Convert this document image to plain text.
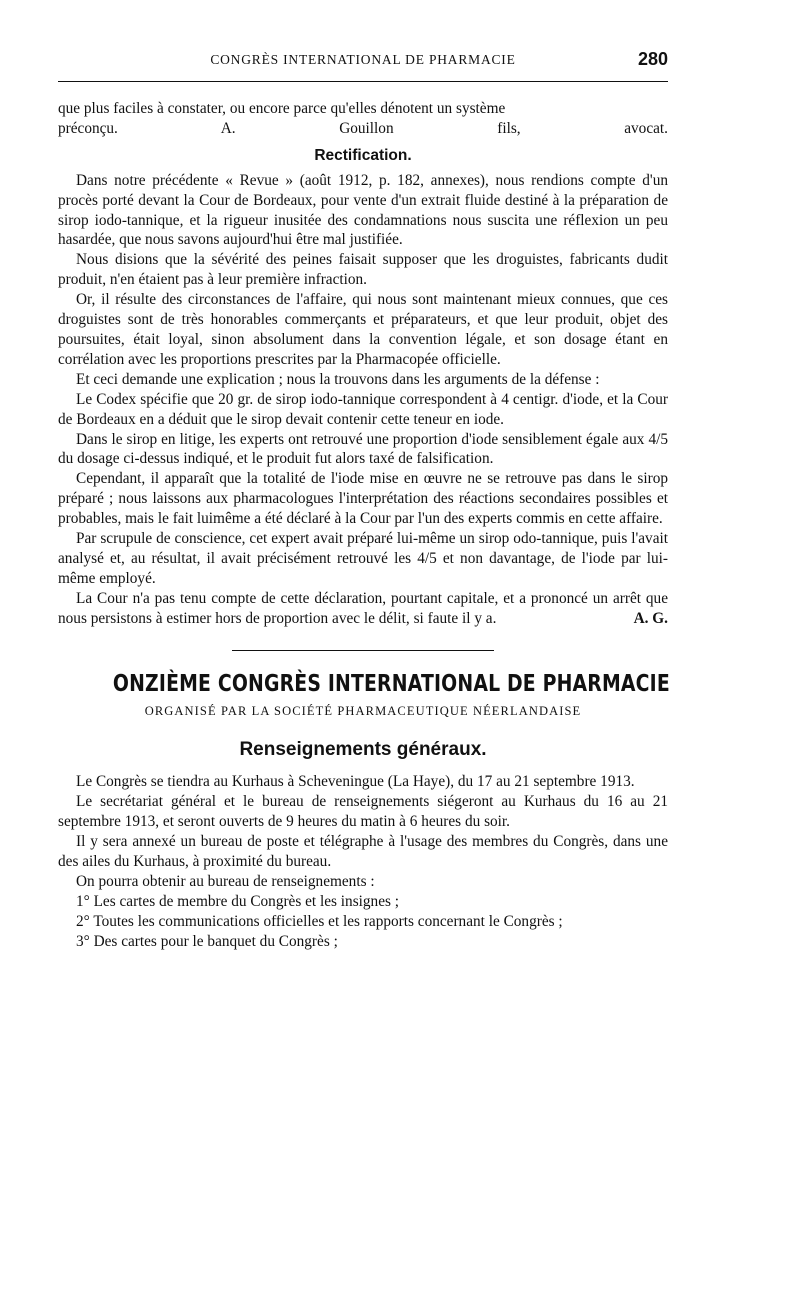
CONGRÈS INTERNATIONAL DE PHARMACIE	280

que plus faciles à constater, ou encore parce qu'elles dénotent un système

préconçu.	A. Gouillon fils, avocat.
Rectification.

Dans notre précédente « Revue » (août 1912, p. 182, annexes), nous rendions compte d'un procès porté devant la Cour de Bordeaux, pour vente d'un extrait fluide destiné à la préparation de sirop iodo-tannique, et la rigueur inusitée des condamnations nous suscita une réflexion un peu hasardée, que nous savons aujourd'hui être mal justifiée.

Nous disions que la sévérité des peines faisait supposer que les droguistes, fabricants dudit produit, n'en étaient pas à leur première infraction.

Or, il résulte des circonstances de l'affaire, qui nous sont maintenant mieux connues, que ces droguistes sont de très honorables commerçants et préparateurs, et que leur produit, objet des poursuites, était loyal, sinon absolument dans la convention légale, et son dosage étant en corrélation avec les proportions prescrites par la Pharmacopée officielle.

Et ceci demande une explication ; nous la trouvons dans les arguments de la défense :

Le Codex spécifie que 20 gr. de sirop iodo-tannique correspondent à 4 centigr. d'iode, et la Cour de Bordeaux en a déduit que le sirop devait contenir cette teneur en iode.

Dans le sirop en litige, les experts ont retrouvé une proportion d'iode sensiblement égale aux 4/5 du dosage ci-dessus indiqué, et le produit fut alors taxé de falsification.

Cependant, il apparaît que la totalité de l'iode mise en œuvre ne se retrouve pas dans le sirop préparé ; nous laissons aux pharmacologues l'interprétation des réactions secondaires possibles et probables, mais le fait luimême a été déclaré à la Cour par l'un des experts commis en cette affaire.

Par scrupule de conscience, cet expert avait préparé lui-même un sirop odo-tannique, puis l'avait analysé et, au résultat, il avait précisément retrouvé les 4/5 et non davantage, de l'iode par lui-même employé.

La Cour n'a pas tenu compte de cette déclaration, pourtant capitale, et a prononcé un arrêt que nous persistons à estimer hors de proportion avec le délit, si faute il y a.	A. G.

ONZIÈME CONGRÈS INTERNATIONAL DE PHARMACIE
ORGANISÉ PAR LA SOCIÉTÉ PHARMACEUTIQUE NÉERLANDAISE
Renseignements généraux.

Le Congrès se tiendra au Kurhaus à Scheveningue (La Haye), du 17 au 21 septembre 1913.

Le secrétariat général et le bureau de renseignements siégeront au Kurhaus du 16 au 21 septembre 1913, et seront ouverts de 9 heures du matin à 6 heures du soir.

Il y sera annexé un bureau de poste et télégraphe à l'usage des membres du Congrès, dans une des ailes du Kurhaus, à proximité du bureau.

On pourra obtenir au bureau de renseignements :

1° Les cartes de membre du Congrès et les insignes ;

2° Toutes les communications officielles et les rapports concernant le Congrès ;

3° Des cartes pour le banquet du Congrès ;
